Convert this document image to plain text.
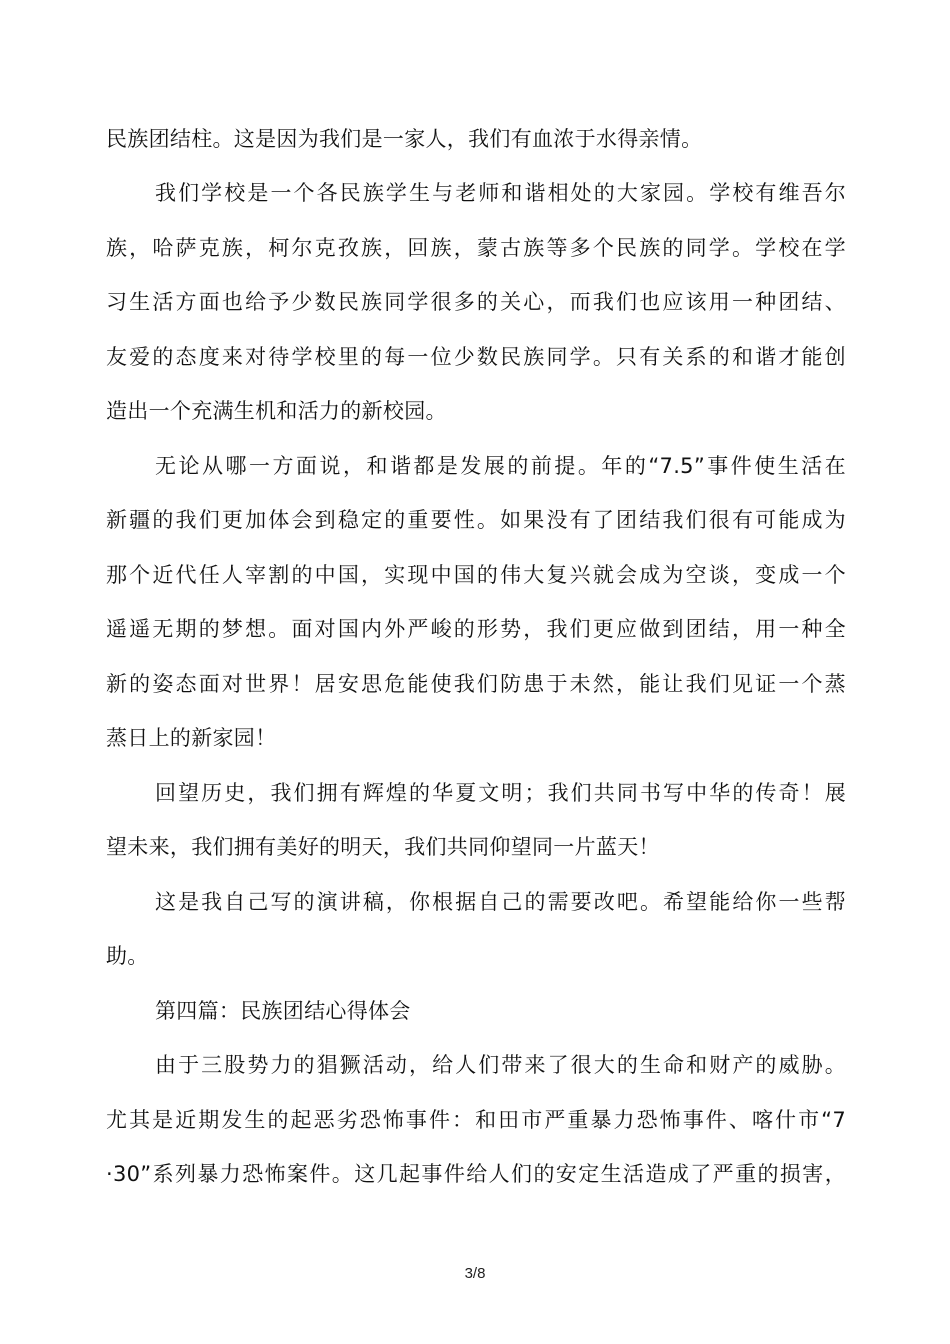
民族团结柱。这是因为我们是一家人，我们有血浓于水得亲情。
我们学校是一个各民族学生与老师和谐相处的大家园。学校有维吾尔
族，哈萨克族，柯尔克孜族，回族，蒙古族等多个民族的同学。学校在学
习生活方面也给予少数民族同学很多的关心，而我们也应该用一种团结、
友爱的态度来对待学校里的每一位少数民族同学。只有关系的和谐才能创
造出一个充满生机和活力的新校园。
无论从哪一方面说，和谐都是发展的前提。年的“7.5”事件使生活在
新疆的我们更加体会到稳定的重要性。如果没有了团结我们很有可能成为
那个近代任人宰割的中国，实现中国的伟大复兴就会成为空谈，变成一个
遥遥无期的梦想。面对国内外严峻的形势，我们更应做到团结，用一种全
新的姿态面对世界！居安思危能使我们防患于未然，能让我们见证一个蒸
蒸日上的新家园！
回望历史，我们拥有辉煌的华夏文明；我们共同书写中华的传奇！展
望未来，我们拥有美好的明天，我们共同仰望同一片蓝天！
这是我自己写的演讲稿，你根据自己的需要改吧。希望能给你一些帮
助。
第四篇：民族团结心得体会
由于三股势力的猖獗活动，给人们带来了很大的生命和财产的威胁。
尤其是近期发生的起恶劣恐怖事件：和田市严重暴力恐怖事件、喀什市“7
·30”系列暴力恐怖案件。这几起事件给人们的安定生活造成了严重的损害，
3/8
